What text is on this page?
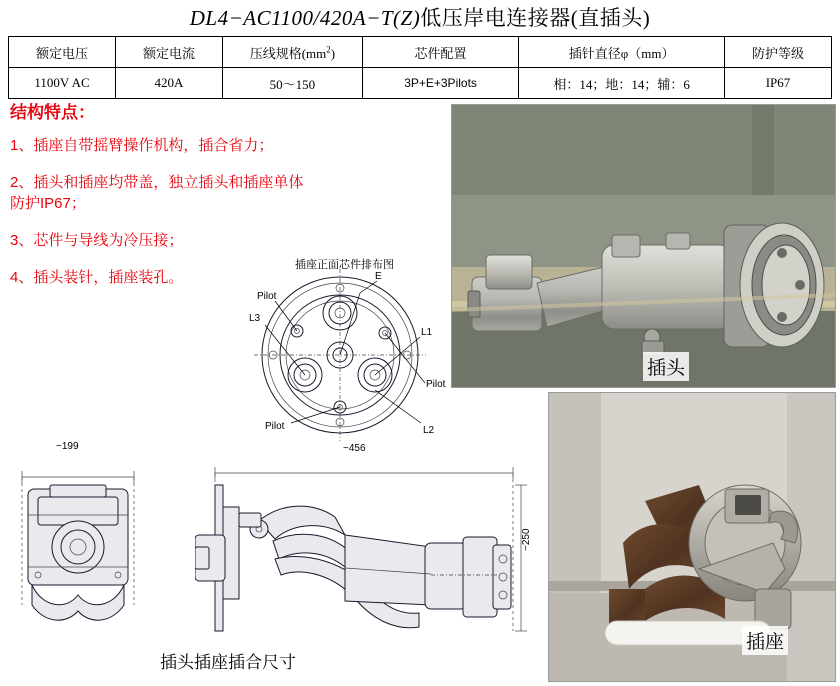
DL4−AC1100/420A−T(Z)低压岸电连接器(直插头)
额定电压	额定电流	压线规格$(mm^2)$	芯件配置	插针直径φ（mm）	防护等级
1100V AC	420A	50～150	3P+E+3Pilots	相：14；地：14；辅：6	IP67
结构特点：
1、插座自带摇臂操作机构，插合省力；
2、插头和插座均带盖，独立插头和插座单体防护IP67；
3、芯件与导线为冷压接；
4、插头装针，插座装孔。
插座正面芯件排布图
E
L1
L2
L3
Pilot
Pilot
Pilot
插头
插座
~199	~456
~250
插头插座插合尺寸
